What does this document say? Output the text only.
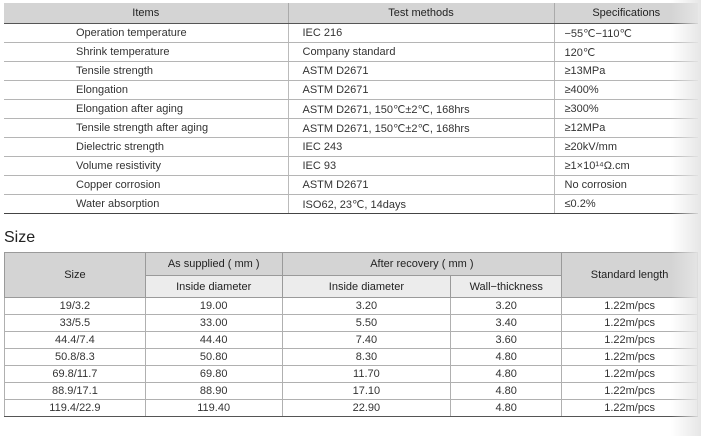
Items	Test methods	Specifications
Operation temperature	IEC 216	−55℃−110℃
Shrink temperature	Company standard	120℃
Tensile strength	ASTM D2671	≥13MPa
Elongation	ASTM D2671	≥400%
Elongation after aging	ASTM D2671, 150℃±2℃, 168hrs	≥300%
Tensile strength after aging	ASTM D2671, 150℃±2℃, 168hrs	≥12MPa
Dielectric strength	IEC 243	≥20kV/mm
Volume resistivity	IEC 93	≥1×10¹⁴Ω.cm
Copper corrosion	ASTM D2671	No corrosion
Water absorption	ISO62, 23℃, 14days	≤0.2%
Size
Size	As supplied ( mm )	After recovery ( mm )		Standard length
	Inside diameter	Inside diameter	Wall−thickness	
19/3.2	19.00	3.20	3.20	1.22m/pcs
33/5.5	33.00	5.50	3.40	1.22m/pcs
44.4/7.4	44.40	7.40	3.60	1.22m/pcs
50.8/8.3	50.80	8.30	4.80	1.22m/pcs
69.8/11.7	69.80	11.70	4.80	1.22m/pcs
88.9/17.1	88.90	17.10	4.80	1.22m/pcs
119.4/22.9	119.40	22.90	4.80	1.22m/pcs
